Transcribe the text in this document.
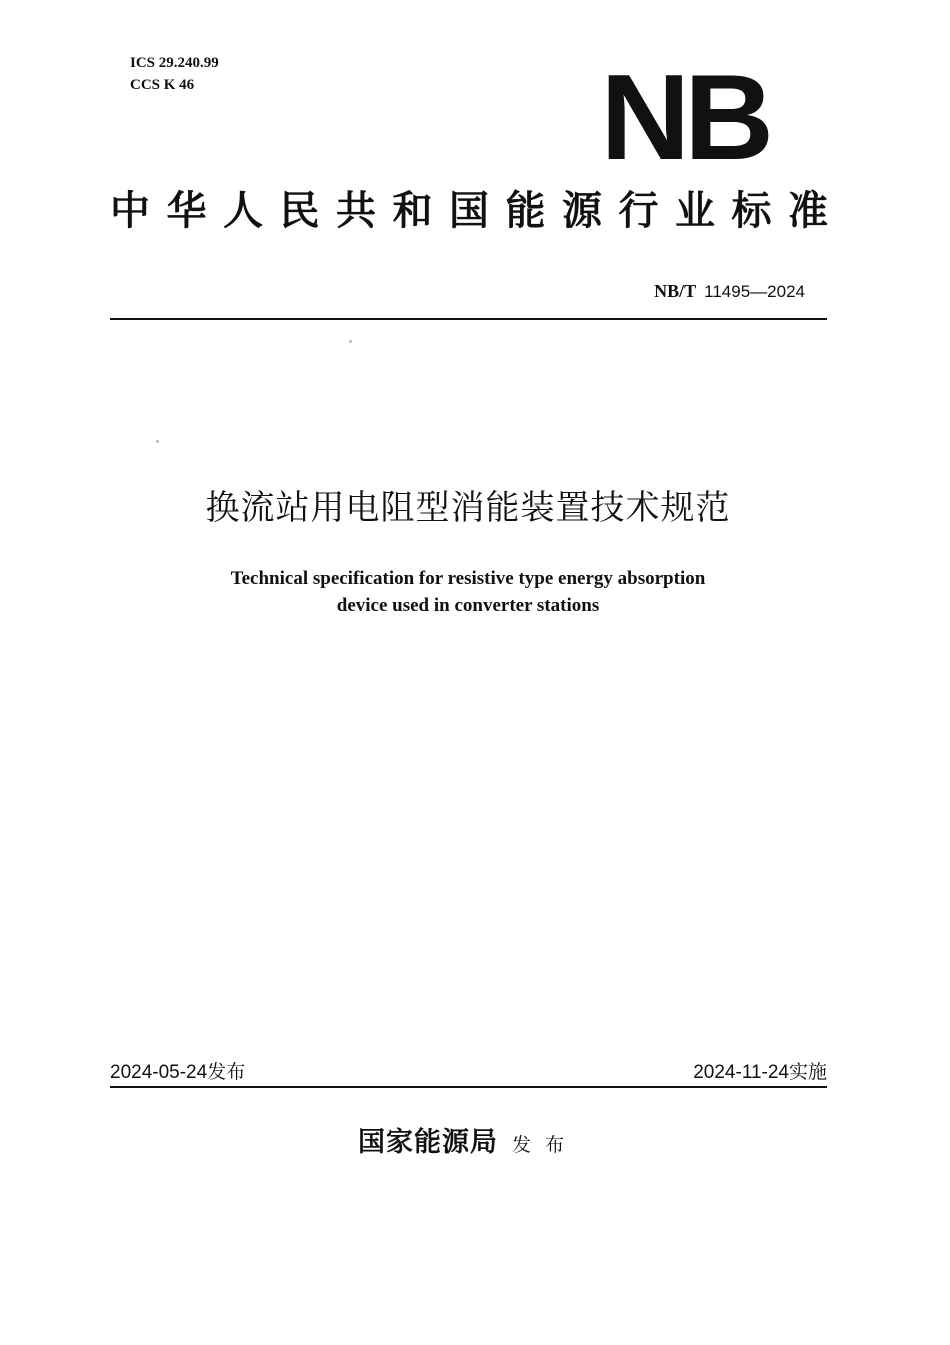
ICS 29.240.99
CCS K 46	NB
中华人民共和国能源行业标准
NB/T 11495—2024
换流站用电阻型消能装置技术规范
Technical specification for resistive type energy absorption
device used in converter stations
2024-05-24发布	2024-11-24实施
国家能源局 发布
